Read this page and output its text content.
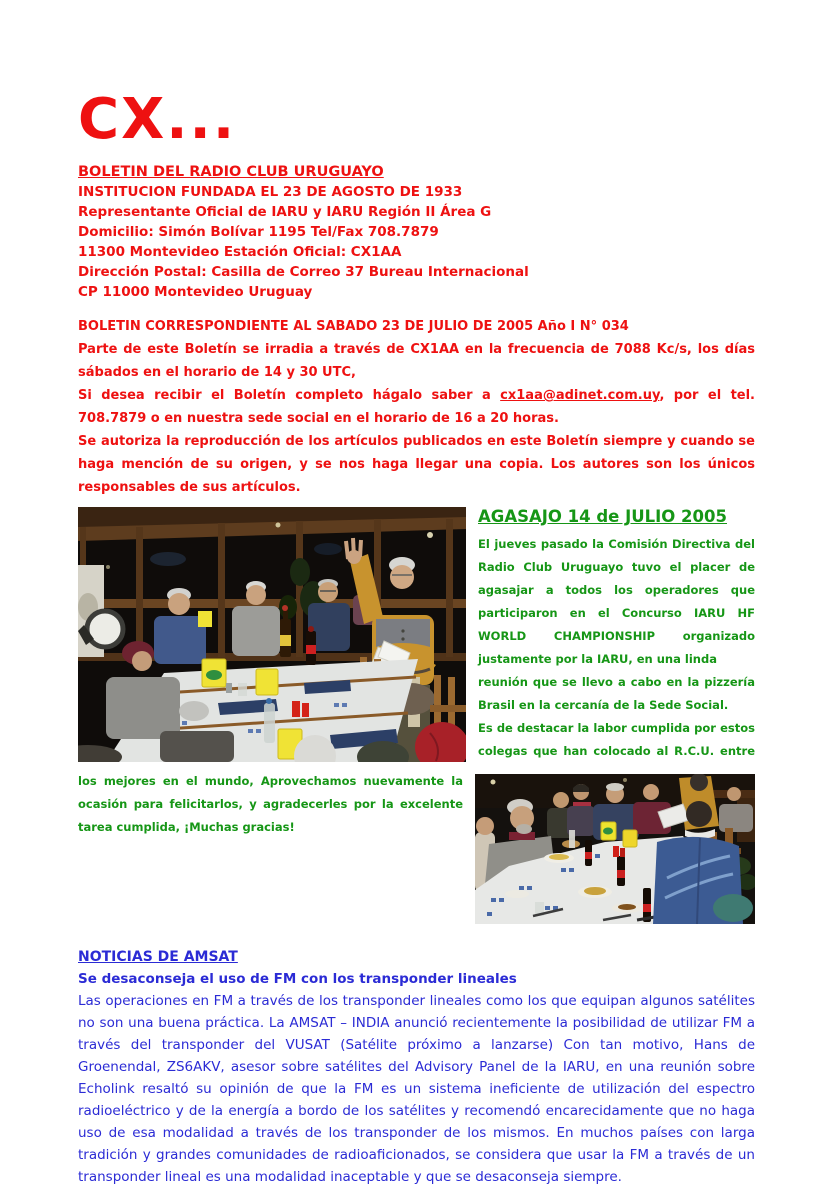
CX...
BOLETIN DEL RADIO CLUB URUGUAYO
INSTITUCION FUNDADA EL 23 DE AGOSTO DE 1933
Representante Oficial de IARU y IARU Región II Área G
Domicilio: Simón Bolívar 1195 Tel/Fax 708.7879
11300 Montevideo Estación Oficial: CX1AA
Dirección Postal: Casilla de Correo 37 Bureau Internacional
CP 11000 Montevideo Uruguay

BOLETIN CORRESPONDIENTE AL SABADO 23 DE JULIO DE 2005 Año I N° 034

Parte de este Boletín se irradia a través de CX1AA en la frecuencia de 7088 Kc/s, los días sábados en el horario de 14 y 30 UTC,

Si desea recibir el Boletín completo hágalo saber a cx1aa@adinet.com.uy, por el tel. 708.7879 o en nuestra sede social en el horario de 16 a 20 horas.

Se autoriza la reproducción de los artículos publicados en este Boletín siempre y cuando se haga mención de su origen, y se nos haga llegar una copia. Los autores son los únicos responsables de sus artículos.

AGASAJO 14 de JULIO 2005

El jueves pasado la Comisión Directiva del Radio Club Uruguayo tuvo el placer de agasajar a todos los operadores que participaron en el Concurso IARU HF WORLD CHAMPIONSHIP organizado justamente por la IARU, en una linda

reunión que se llevo a cabo en la pizzería Brasil en la cercanía de la Sede Social.

Es de destacar la labor cumplida por estos colegas que han colocado al R.C.U. entre los mejores en el mundo, Aprovechamos nuevamente la ocasión para felicitarlos, y agradecerles por la excelente tarea cumplida, ¡Muchas gracias!

NOTICIAS DE AMSAT

Se desaconseja el uso de FM con los transponder lineales

Las operaciones en FM a través de los transponder lineales como los que equipan algunos satélites no son una buena práctica. La AMSAT – INDIA anunció recientemente la posibilidad de utilizar FM a través del transponder del VUSAT (Satélite próximo a lanzarse) Con tan motivo, Hans de Groenendal, ZS6AKV, asesor sobre satélites del Advisory Panel de la IARU, en una reunión sobre Echolink resaltó su opinión de que la FM es un sistema ineficiente de utilización del espectro radioeléctrico y de la energía a bordo de los satélites y recomendó encarecidamente que no haga uso de esa modalidad a través de los transponder de los mismos. En muchos países con larga tradición y grandes comunidades de radioaficionados, se considera que usar la FM a través de un transponder lineal es una modalidad inaceptable y que se desaconseja siempre.
